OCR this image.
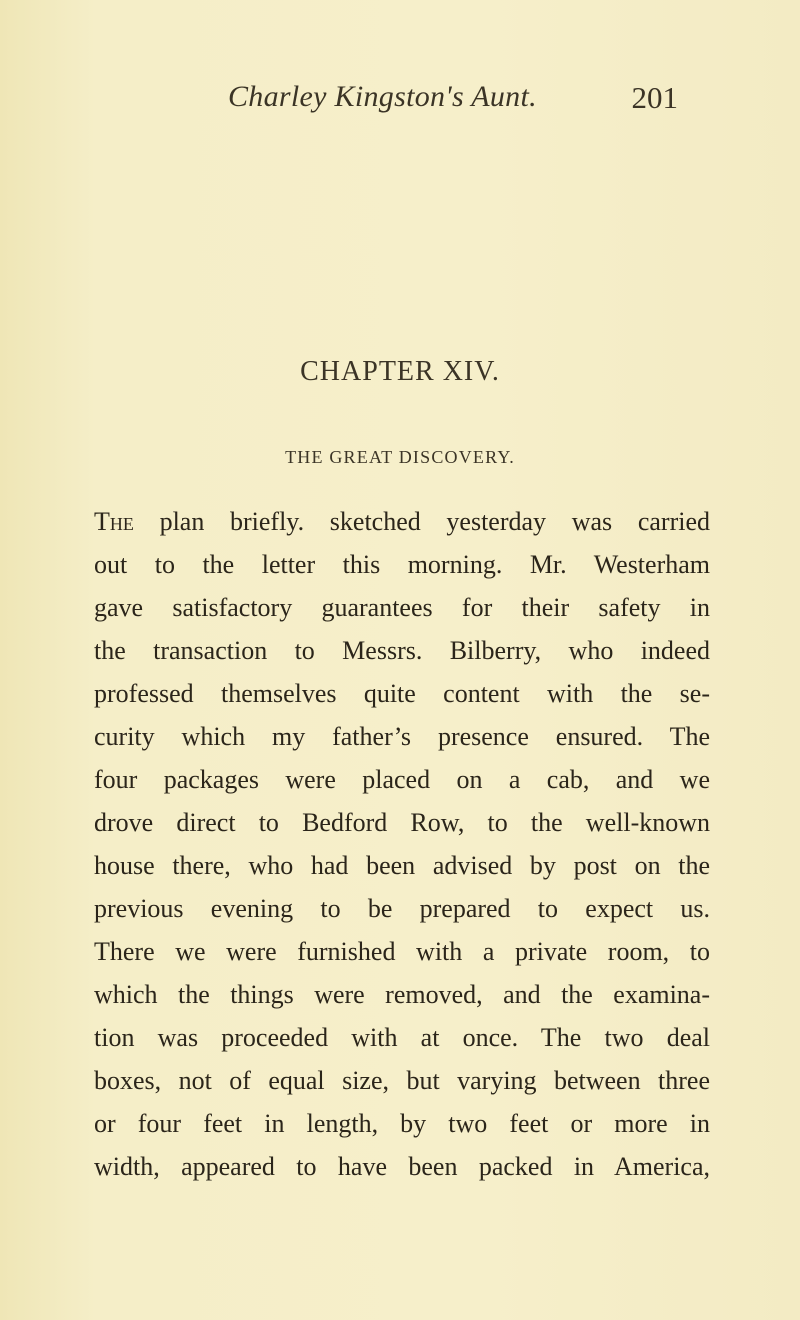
Charley Kingston's Aunt.	201
CHAPTER XIV.
THE GREAT DISCOVERY.
The plan briefly. sketched yesterday was carried
out to the letter this morning. Mr. Westerham
gave satisfactory guarantees for their safety in
the transaction to Messrs. Bilberry, who indeed
professed themselves quite content with the se-
curity which my father’s presence ensured. The
four packages were placed on a cab, and we
drove direct to Bedford Row, to the well-known
house there, who had been advised by post on the
previous evening to be prepared to expect us.
There we were furnished with a private room, to
which the things were removed, and the examina-
tion was proceeded with at once. The two deal
boxes, not of equal size, but varying between three
or four feet in length, by two feet or more in
width, appeared to have been packed in America,
